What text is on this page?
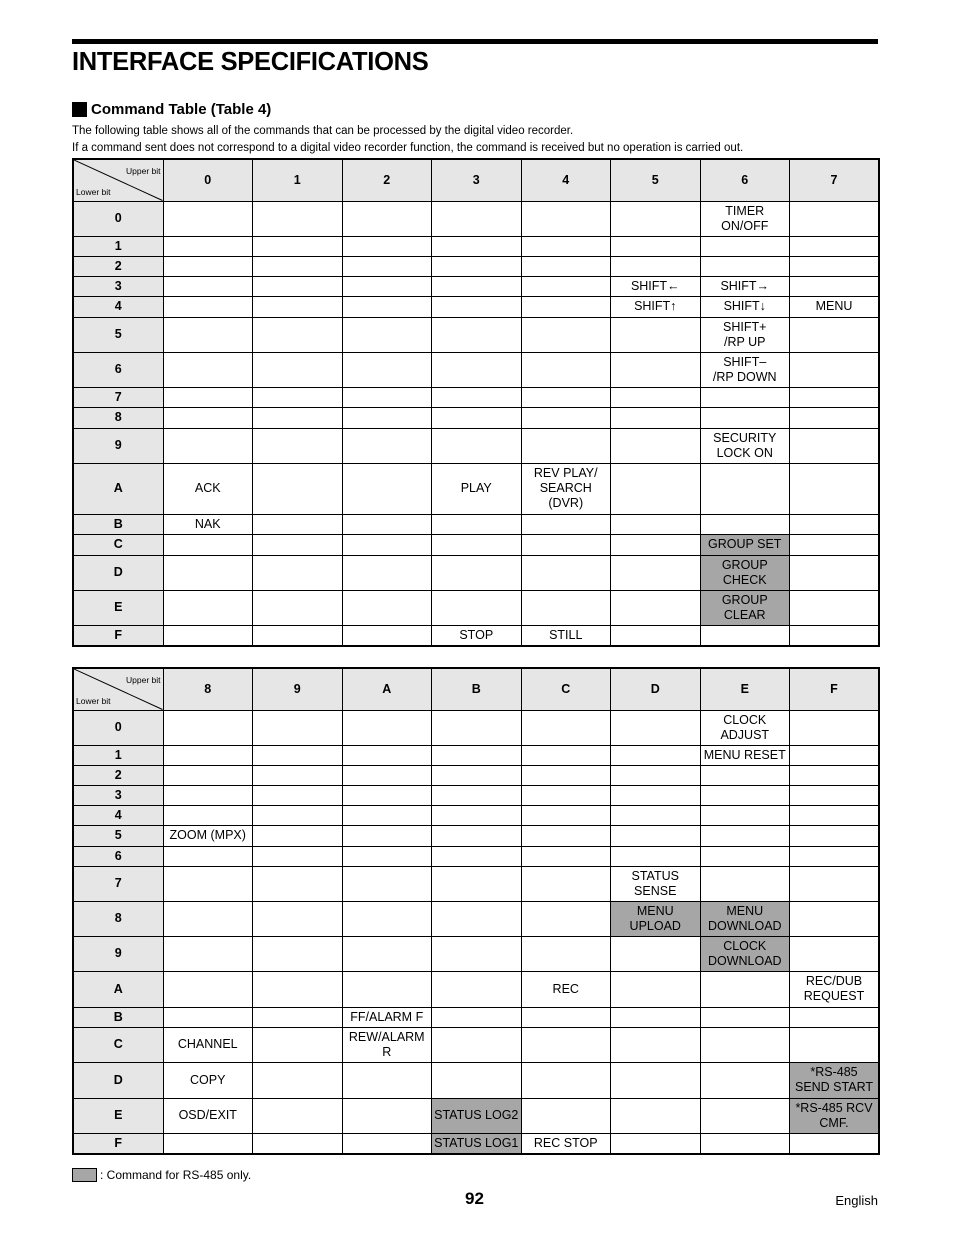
INTERFACE SPECIFICATIONS
Command Table (Table 4)

The following table shows all of the commands that can be processed by the digital video recorder.
If a command sent does not correspond to a digital video recorder function, the command is received but no operation is carried out.

Upper bit
Lower bit	0	1	2	3	4	5	6	7
0							TIMER
ON/OFF	
1								
2								
3						SHIFT←	SHIFT→	
4						SHIFT↑	SHIFT↓	MENU
5							SHIFT+
/RP UP	
6							SHIFT–
/RP DOWN	
7								
8								
9							SECURITY
LOCK ON	
A	ACK			PLAY	REV PLAY/
SEARCH
(DVR)			
B	NAK							
C							GROUP SET	
D							GROUP
CHECK	
E							GROUP
CLEAR	
F				STOP	STILL			
Upper bit
Lower bit	8	9	A	B	C	D	E	F
0							CLOCK
ADJUST	
1							MENU RESET	
2								
3								
4								
5	ZOOM (MPX)							
6								
7						STATUS
SENSE		
8						MENU
UPLOAD	MENU
DOWNLOAD	
9							CLOCK
DOWNLOAD	
A					REC			REC/DUB
REQUEST
B			FF/ALARM F					
C	CHANNEL		REW/ALARM
R					
D	COPY							*RS-485
SEND START
E	OSD/EXIT			STATUS LOG2				*RS-485 RCV
CMF.
F				STATUS LOG1	REC STOP			
: Command for RS-485 only.
92	English
